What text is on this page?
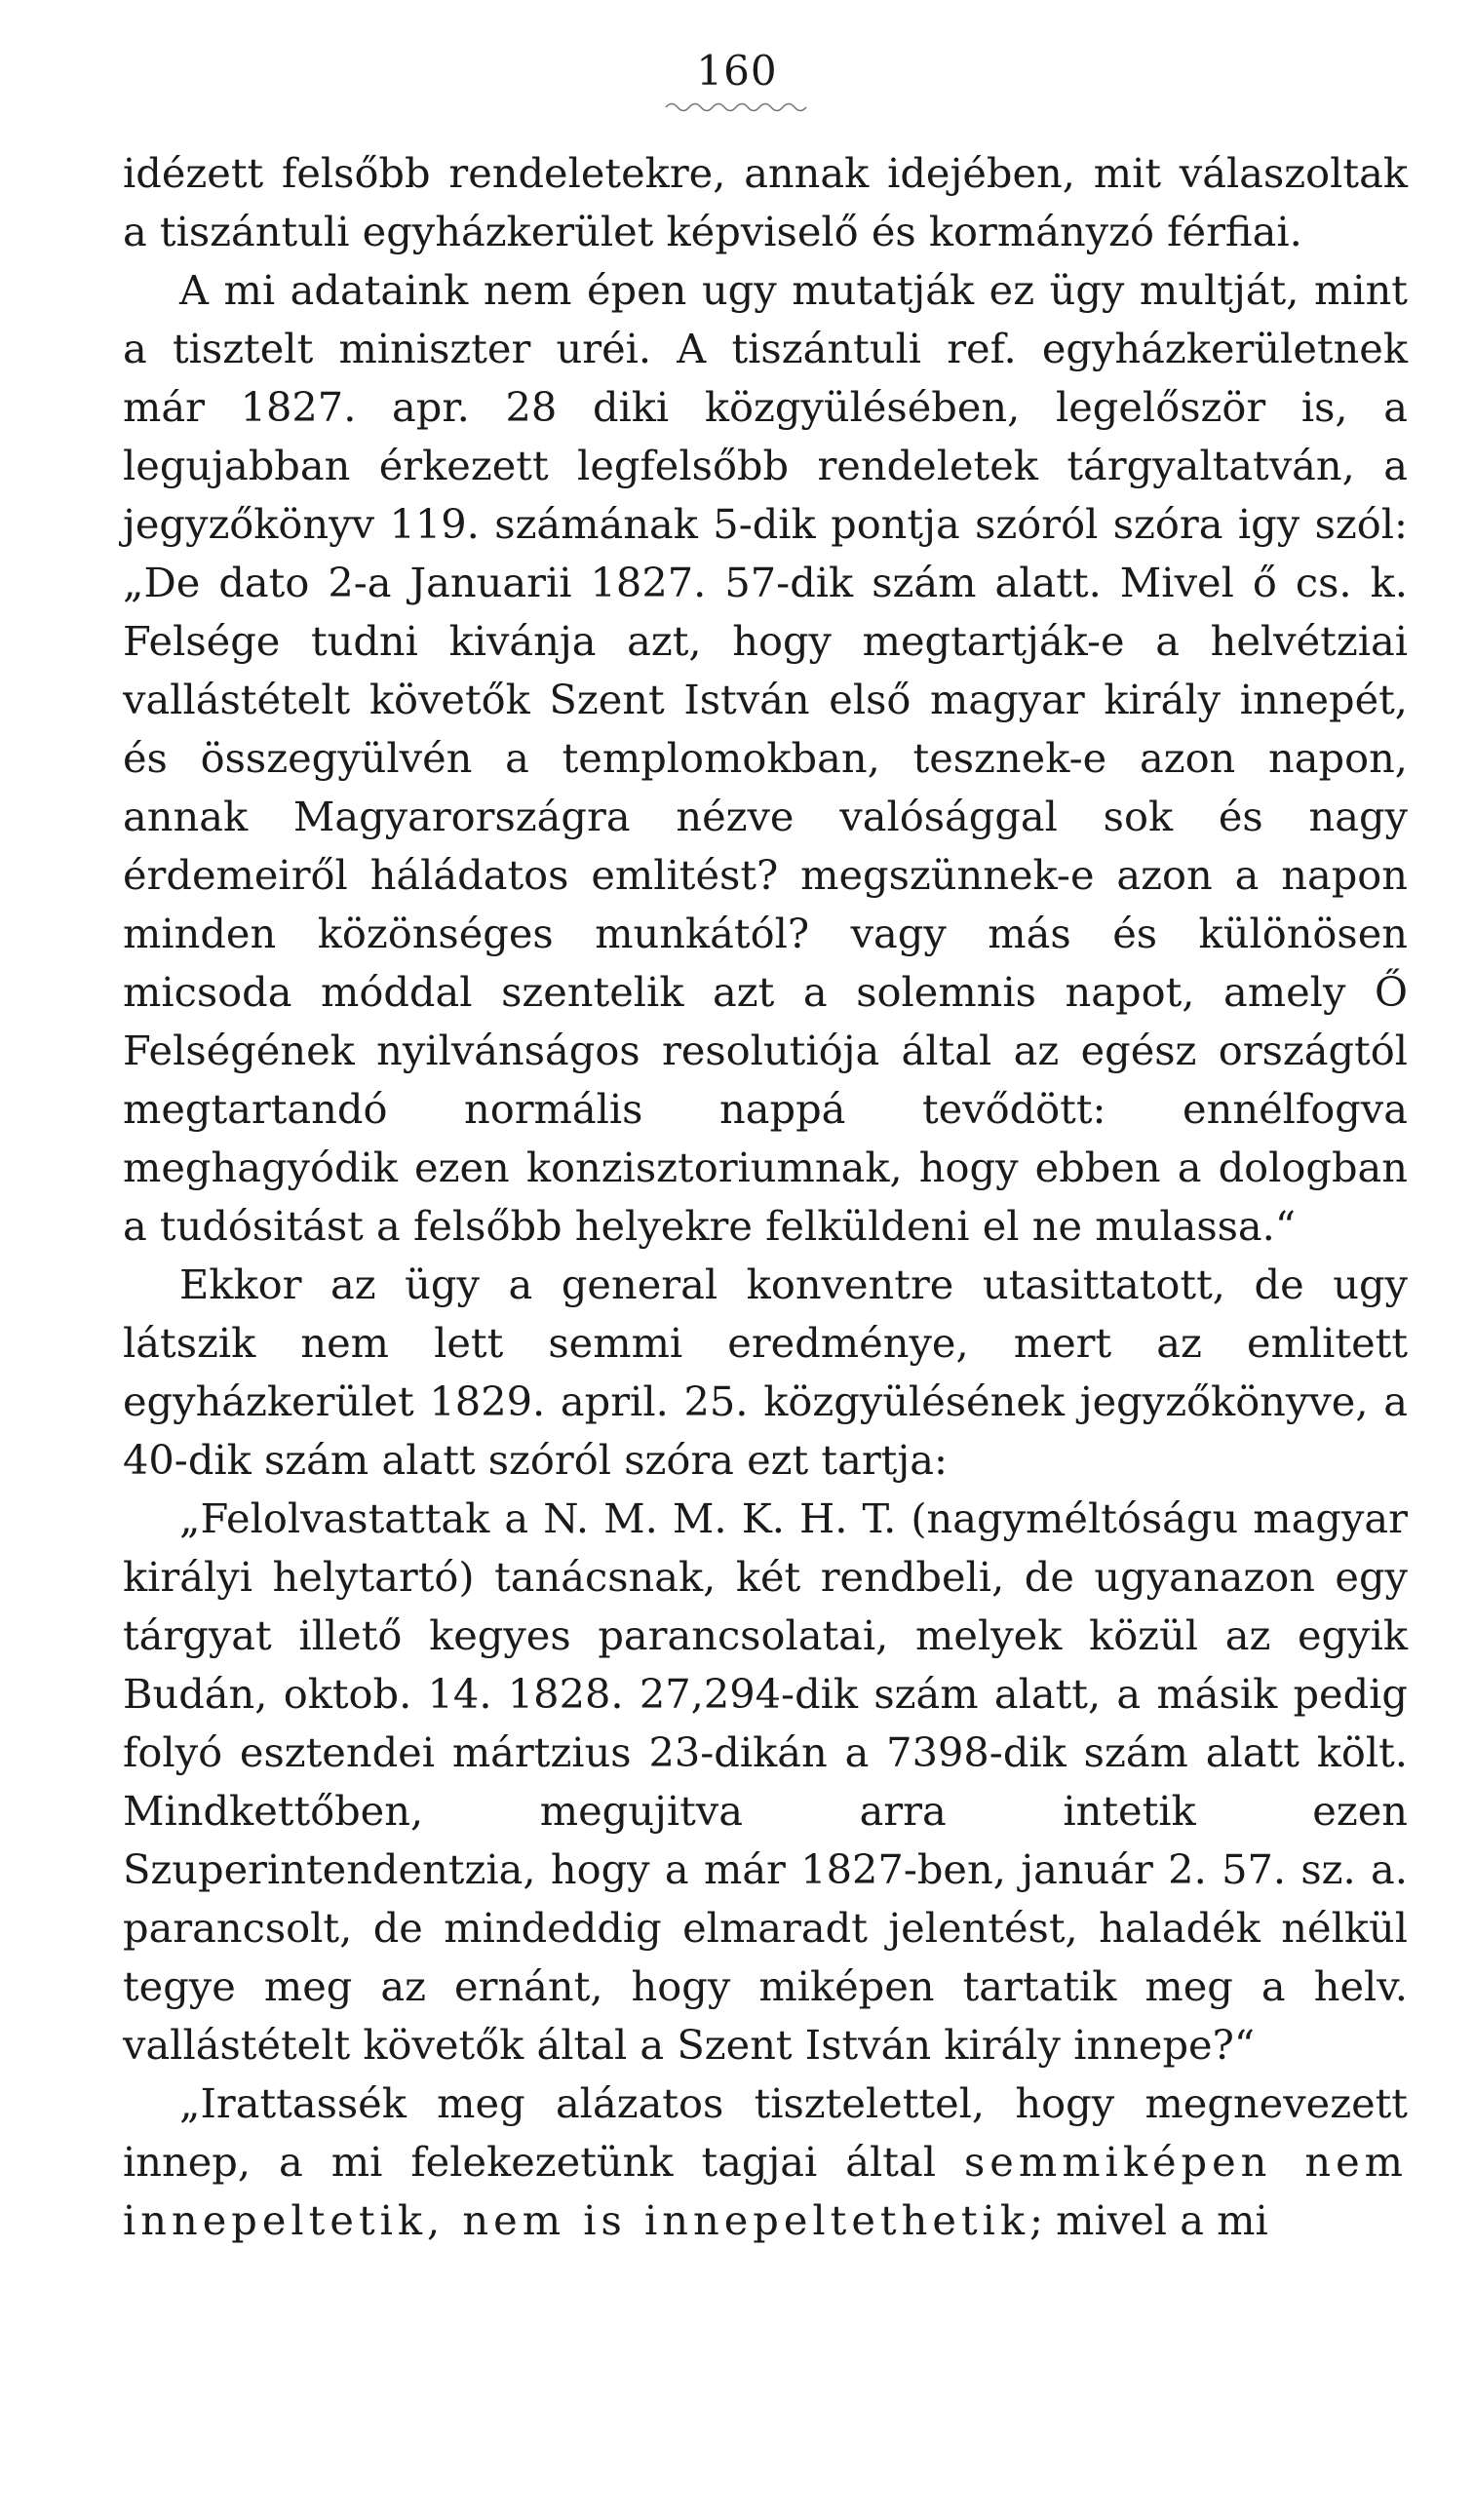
160

idézett felsőbb rendeletekre, annak idejében, mit válaszoltak a tiszántuli egyházkerület képviselő és kormányzó férfiai.

A mi adataink nem épen ugy mutatják ez ügy multját, mint a tisztelt miniszter uréi. A tiszántuli ref. egyházkerületnek már 1827. apr. 28 diki közgyülésében, legelőször is, a legujabban érkezett legfelsőbb rendeletek tárgyaltatván, a jegyzőkönyv 119. számának 5-dik pontja szóról szóra igy szól: „De dato 2-a Januarii 1827. 57-dik szám alatt. Mivel ő cs. k. Felsége tudni kivánja azt, hogy megtartják-e a helvétziai vallástételt követők Szent István első magyar király innepét, és összegyülvén a templomokban, tesznek-e azon napon, annak Magyarországra nézve valósággal sok és nagy érdemeiről háládatos emlitést? megszünnek-e azon a napon minden közönséges munkától? vagy más és különösen micsoda móddal szentelik azt a solemnis napot, amely Ő Felségének nyilvánságos resolutiója által az egész országtól megtartandó normális nappá tevődött: ennélfogva meghagyódik ezen konzisztoriumnak, hogy ebben a dologban a tudósitást a felsőbb helyekre felküldeni el ne mulassa.“

Ekkor az ügy a general konventre utasittatott, de ugy látszik nem lett semmi eredménye, mert az emlitett egyházkerület 1829. april. 25. közgyülésének jegyzőkönyve, a 40-dik szám alatt szóról szóra ezt tartja:

„Felolvastattak a N. M. M. K. H. T. (nagyméltóságu magyar királyi helytartó) tanácsnak, két rendbeli, de ugyanazon egy tárgyat illető kegyes parancsolatai, melyek közül az egyik Budán, oktob. 14. 1828. 27,294-dik szám alatt, a másik pedig folyó esztendei mártzius 23-dikán a 7398-dik szám alatt költ. Mindkettőben, megujitva arra intetik ezen Szuperintendentzia, hogy a már 1827-ben, január 2. 57. sz. a. parancsolt, de mindeddig elmaradt jelentést, haladék nélkül tegye meg az ernánt, hogy miképen tartatik meg a helv. vallástételt követők által a Szent István király innepe?“

„Irattassék meg alázatos tisztelettel, hogy megnevezett innep, a mi felekezetünk tagjai által semmiképen nem innepeltetik, nem is innepeltethetik; mivel a mi
